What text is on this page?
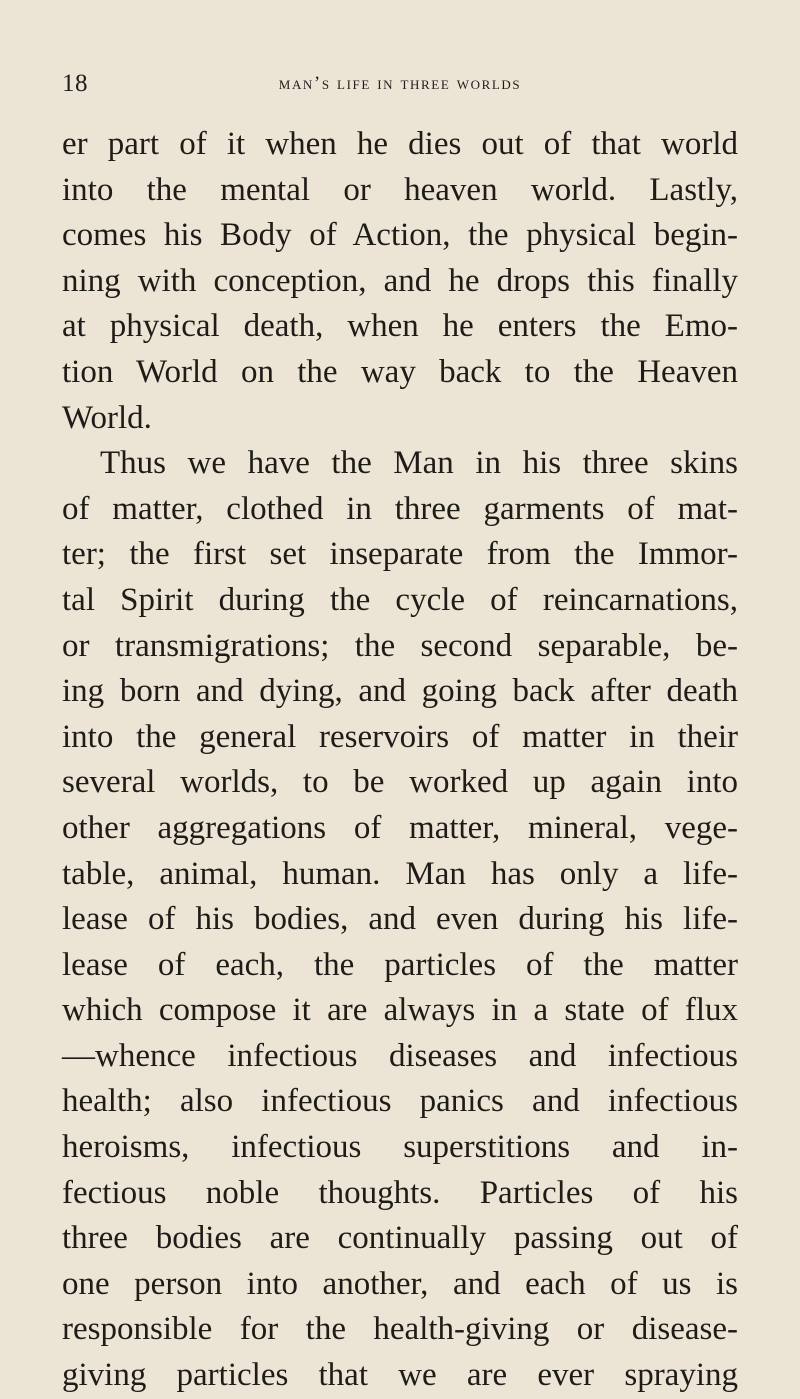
18	man’s life in three worlds
er part of it when he dies out of that world
into the mental or heaven world. Lastly,
comes his Body of Action, the physical begin-
ning with conception, and he drops this finally
at physical death, when he enters the Emo-
tion World on the way back to the Heaven
World.
Thus we have the Man in his three skins
of matter, clothed in three garments of mat-
ter; the first set inseparate from the Immor-
tal Spirit during the cycle of reincarnations,
or transmigrations; the second separable, be-
ing born and dying, and going back after death
into the general reservoirs of matter in their
several worlds, to be worked up again into
other aggregations of matter, mineral, vege-
table, animal, human. Man has only a life-
lease of his bodies, and even during his life-
lease of each, the particles of the matter
which compose it are always in a state of flux
—whence infectious diseases and infectious
health; also infectious panics and infectious
heroisms, infectious superstitions and in-
fectious noble thoughts. Particles of his
three bodies are continually passing out of
one person into another, and each of us is
responsible for the health-giving or disease-
giving particles that we are ever spraying
